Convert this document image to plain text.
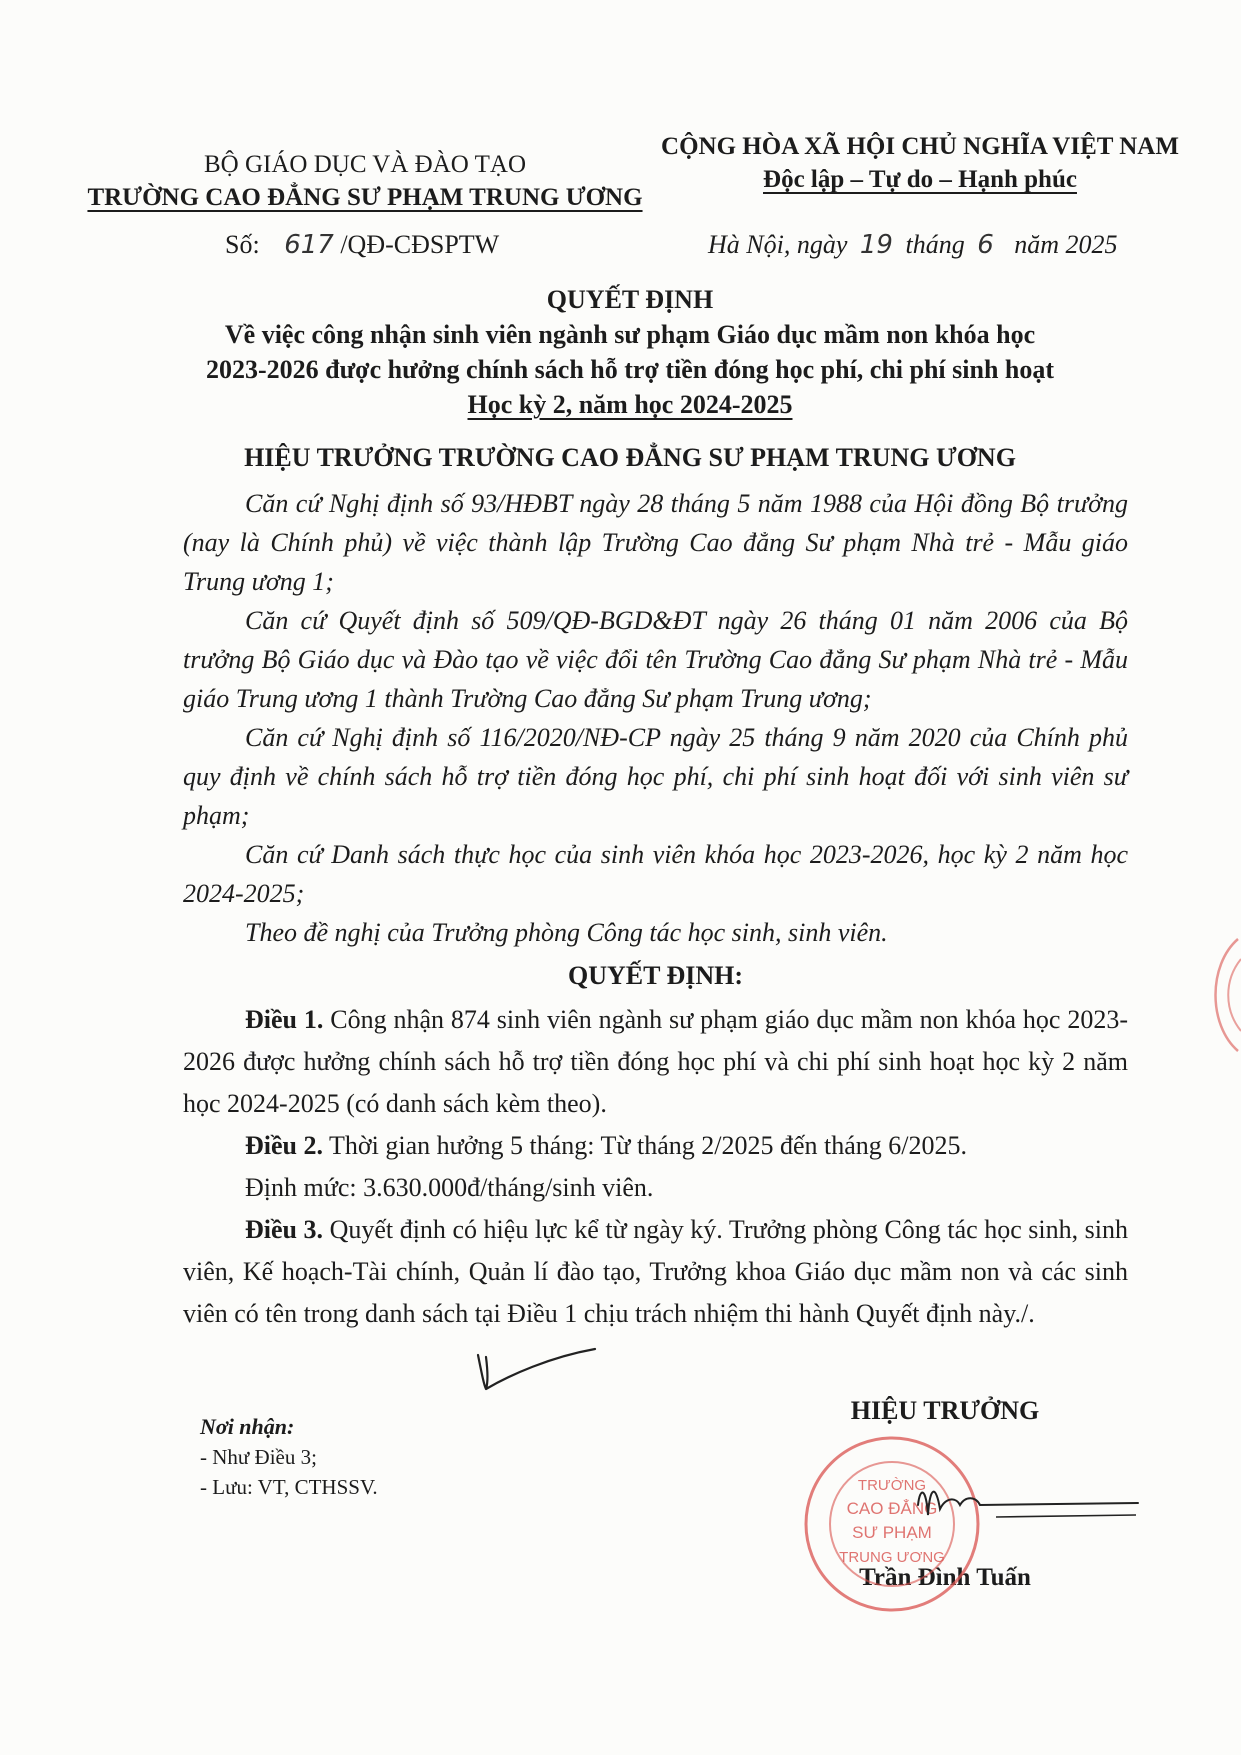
BỘ GIÁO DỤC VÀ ĐÀO TẠO
TRƯỜNG CAO ĐẲNG SƯ PHẠM TRUNG ƯƠNG
CỘNG HÒA XÃ HỘI CHỦ NGHĨA VIỆT NAM
Độc lập – Tự do – Hạnh phúc
Số: 617 /QĐ-CĐSPTW	Hà Nội, ngày 19 tháng 6 năm 2025
QUYẾT ĐỊNH
Về việc công nhận sinh viên ngành sư phạm Giáo dục mầm non khóa học
2023-2026 được hưởng chính sách hỗ trợ tiền đóng học phí, chi phí sinh hoạt
Học kỳ 2, năm học 2024-2025
HIỆU TRƯỞNG TRƯỜNG CAO ĐẲNG SƯ PHẠM TRUNG ƯƠNG

Căn cứ Nghị định số 93/HĐBT ngày 28 tháng 5 năm 1988 của Hội đồng Bộ trưởng (nay là Chính phủ) về việc thành lập Trường Cao đẳng Sư phạm Nhà trẻ - Mẫu giáo Trung ương 1;

Căn cứ Quyết định số 509/QĐ-BGD&ĐT ngày 26 tháng 01 năm 2006 của Bộ trưởng Bộ Giáo dục và Đào tạo về việc đổi tên Trường Cao đẳng Sư phạm Nhà trẻ - Mẫu giáo Trung ương 1 thành Trường Cao đẳng Sư phạm Trung ương;

Căn cứ Nghị định số 116/2020/NĐ-CP ngày 25 tháng 9 năm 2020 của Chính phủ quy định về chính sách hỗ trợ tiền đóng học phí, chi phí sinh hoạt đối với sinh viên sư phạm;

Căn cứ Danh sách thực học của sinh viên khóa học 2023-2026, học kỳ 2 năm học 2024-2025;

Theo đề nghị của Trưởng phòng Công tác học sinh, sinh viên.

QUYẾT ĐỊNH:

Điều 1. Công nhận 874 sinh viên ngành sư phạm giáo dục mầm non khóa học 2023-2026 được hưởng chính sách hỗ trợ tiền đóng học phí và chi phí sinh hoạt học kỳ 2 năm học 2024-2025 (có danh sách kèm theo).

Điều 2. Thời gian hưởng 5 tháng: Từ tháng 2/2025 đến tháng 6/2025.

Định mức: 3.630.000đ/tháng/sinh viên.

Điều 3. Quyết định có hiệu lực kể từ ngày ký. Trưởng phòng Công tác học sinh, sinh viên, Kế hoạch-Tài chính, Quản lí đào tạo, Trưởng khoa Giáo dục mầm non và các sinh viên có tên trong danh sách tại Điều 1 chịu trách nhiệm thi hành Quyết định này./.

Nơi nhận:
- Như Điều 3;
- Lưu: VT, CTHSSV.
HIỆU TRƯỞNG
Trần Đình Tuấn
TRƯỜNG
CAO ĐẲNG
SƯ PHẠM
TRUNG ƯƠNG
